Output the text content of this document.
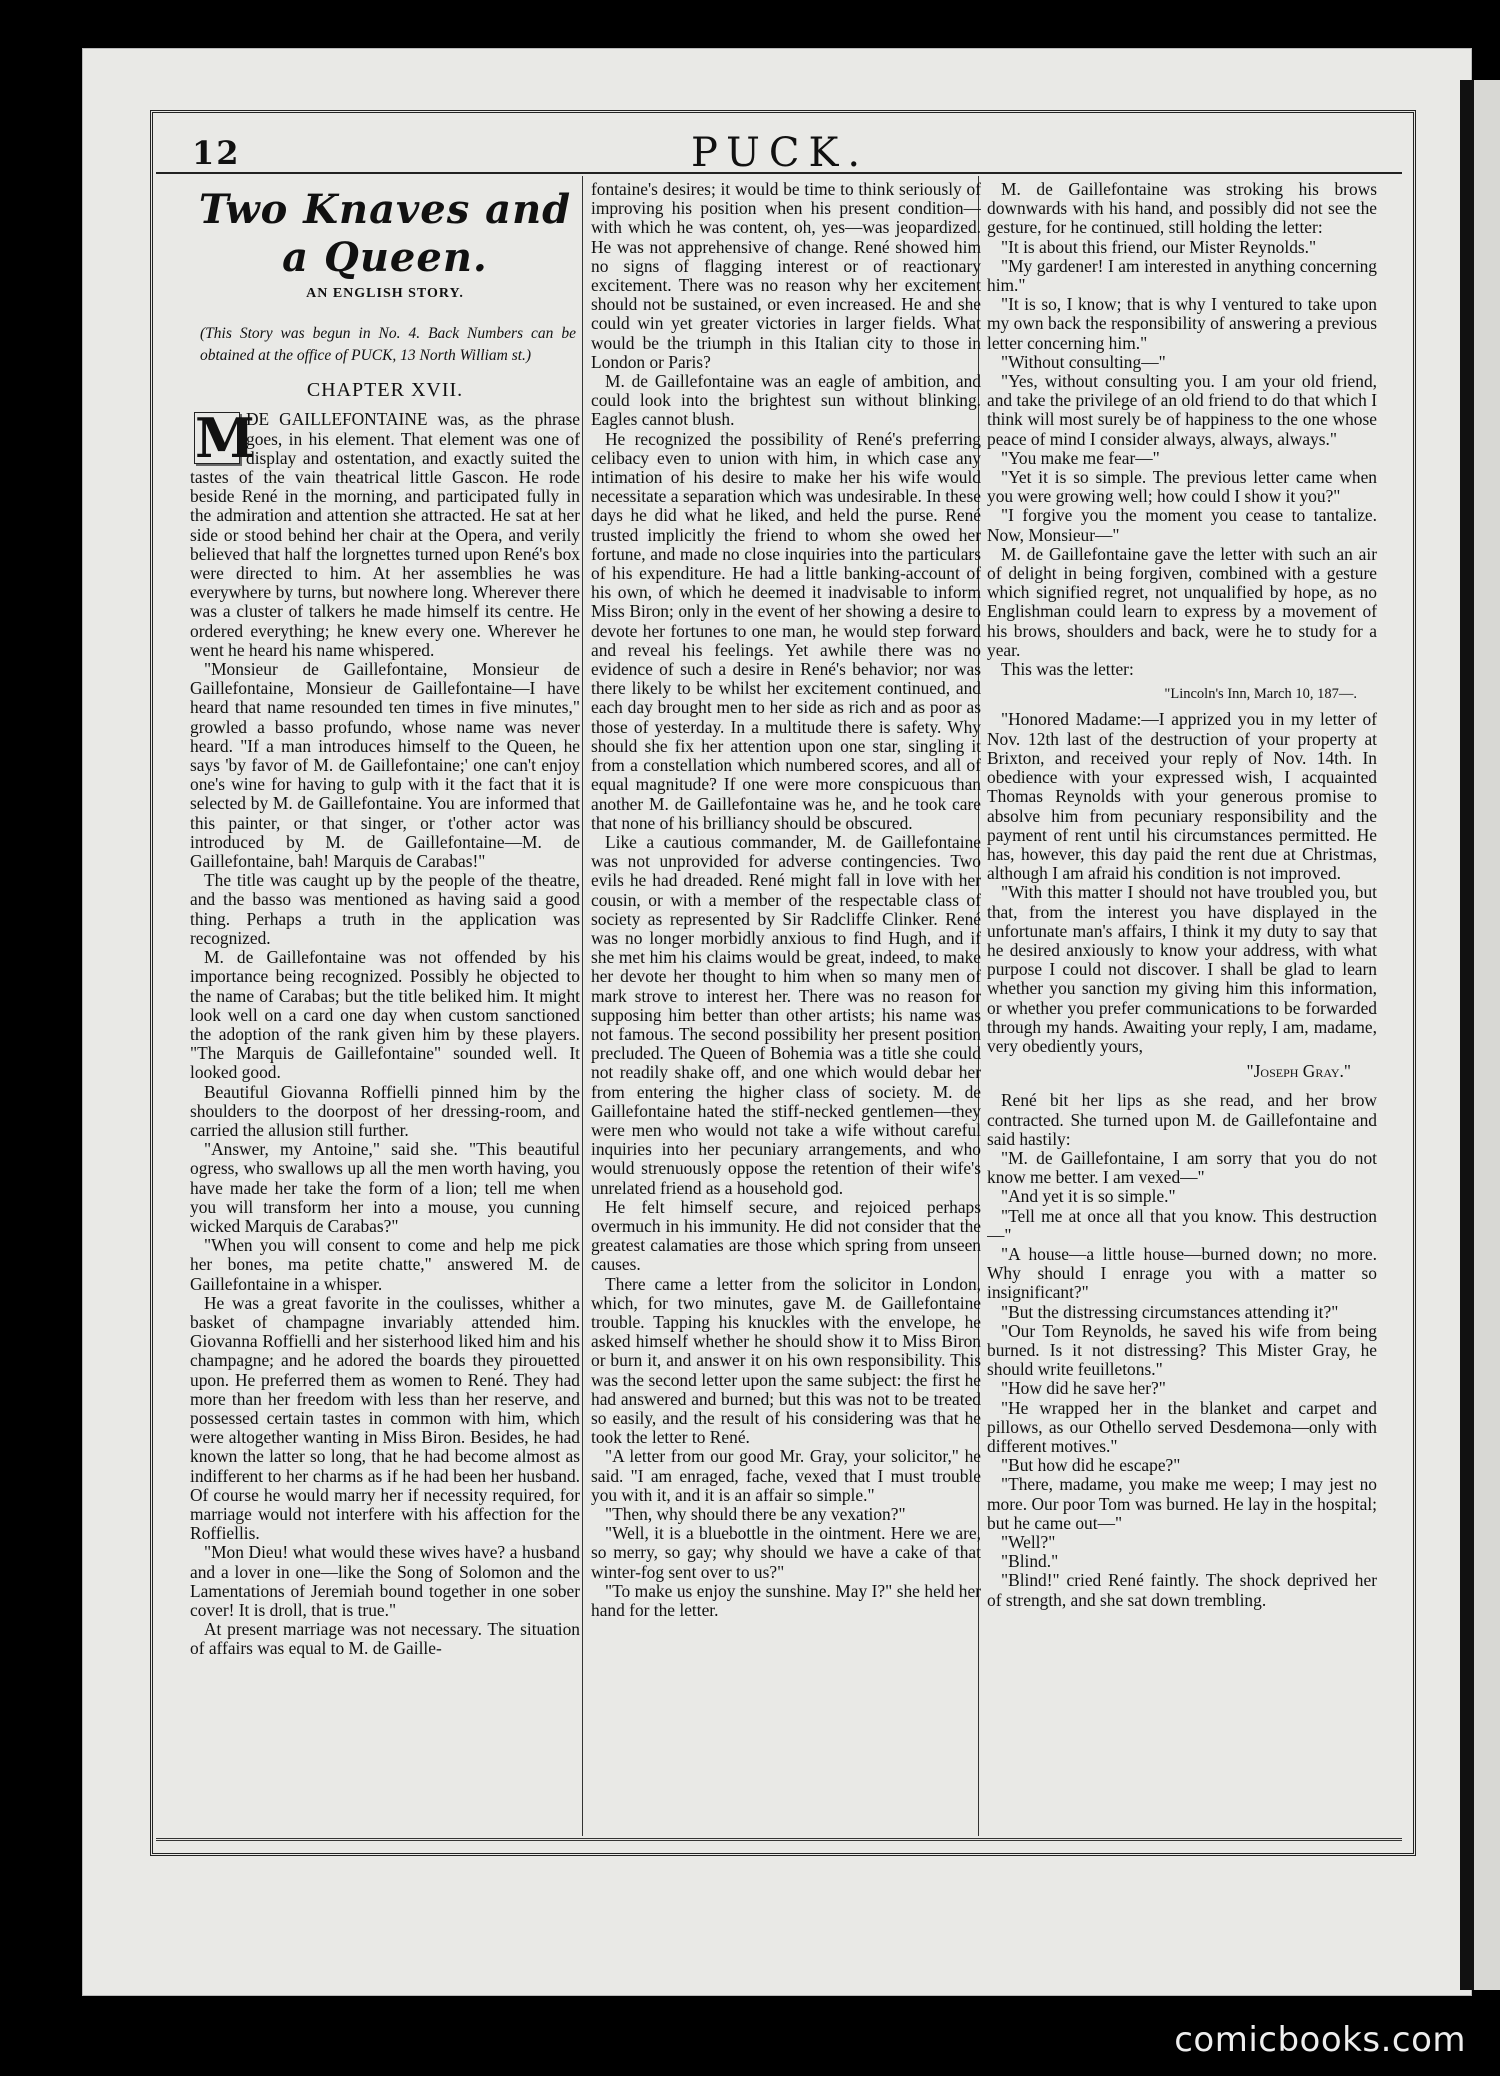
12	PUCK.
Two Knaves and a Queen.
AN ENGLISH STORY.
(This Story was begun in No. 4. Back Numbers can be obtained at the office of PUCK, 13 North William st.)
CHAPTER XVII.

M
DE GAILLEFONTAINE was, as the phrase goes, in his element. That element was one of display and ostentation, and exactly suited the tastes of the vain theatrical little Gascon. He rode beside René in the morning, and participated fully in the admiration and attention she attracted. He sat at her side or stood behind her chair at the Opera, and verily believed that half the lorgnettes turned upon René's box were directed to him. At her assemblies he was everywhere by turns, but nowhere long. Wherever there was a cluster of talkers he made himself its centre. He ordered everything; he knew every one. Wherever he went he heard his name whispered.

"Monsieur de Gaillefontaine, Monsieur de Gaillefontaine, Monsieur de Gaillefontaine—I have heard that name resounded ten times in five minutes," growled a basso profundo, whose name was never heard. "If a man introduces himself to the Queen, he says 'by favor of M. de Gaillefontaine;' one can't enjoy one's wine for having to gulp with it the fact that it is selected by M. de Gaillefontaine. You are informed that this painter, or that singer, or t'other actor was introduced by M. de Gaillefontaine—M. de Gaillefontaine, bah! Marquis de Carabas!"

The title was caught up by the people of the theatre, and the basso was mentioned as having said a good thing. Perhaps a truth in the application was recognized.

M. de Gaillefontaine was not offended by his importance being recognized. Possibly he objected to the name of Carabas; but the title beliked him. It might look well on a card one day when custom sanctioned the adoption of the rank given him by these players. "The Marquis de Gaillefontaine" sounded well. It looked good.

Beautiful Giovanna Roffielli pinned him by the shoulders to the doorpost of her dressing-room, and carried the allusion still further.

"Answer, my Antoine," said she. "This beautiful ogress, who swallows up all the men worth having, you have made her take the form of a lion; tell me when you will transform her into a mouse, you cunning wicked Marquis de Carabas?"

"When you will consent to come and help me pick her bones, ma petite chatte," answered M. de Gaillefontaine in a whisper.

He was a great favorite in the coulisses, whither a basket of champagne invariably attended him. Giovanna Roffielli and her sisterhood liked him and his champagne; and he adored the boards they pirouetted upon. He preferred them as women to René. They had more than her freedom with less than her reserve, and possessed certain tastes in common with him, which were altogether wanting in Miss Biron. Besides, he had known the latter so long, that he had become almost as indifferent to her charms as if he had been her husband. Of course he would marry her if necessity required, for marriage would not interfere with his affection for the Roffiellis.

"Mon Dieu! what would these wives have? a husband and a lover in one—like the Song of Solomon and the Lamentations of Jeremiah bound together in one sober cover! It is droll, that is true."

At present marriage was not necessary. The situation of affairs was equal to M. de Gaille-

fontaine's desires; it would be time to think seriously of improving his position when his present condition—with which he was content, oh, yes—was jeopardized. He was not apprehensive of change. René showed him no signs of flagging interest or of reactionary excitement. There was no reason why her excitement should not be sustained, or even increased. He and she could win yet greater victories in larger fields. What would be the triumph in this Italian city to those in London or Paris?

M. de Gaillefontaine was an eagle of ambition, and could look into the brightest sun without blinking. Eagles cannot blush.

He recognized the possibility of René's preferring celibacy even to union with him, in which case any intimation of his desire to make her his wife would necessitate a separation which was undesirable. In these days he did what he liked, and held the purse. René trusted implicitly the friend to whom she owed her fortune, and made no close inquiries into the particulars of his expenditure. He had a little banking-account of his own, of which he deemed it inadvisable to inform Miss Biron; only in the event of her showing a desire to devote her fortunes to one man, he would step forward and reveal his feelings. Yet awhile there was no evidence of such a desire in René's behavior; nor was there likely to be whilst her excitement continued, and each day brought men to her side as rich and as poor as those of yesterday. In a multitude there is safety. Why should she fix her attention upon one star, singling it from a constellation which numbered scores, and all of equal magnitude? If one were more conspicuous than another M. de Gaillefontaine was he, and he took care that none of his brilliancy should be obscured.

Like a cautious commander, M. de Gaillefontaine was not unprovided for adverse contingencies. Two evils he had dreaded. René might fall in love with her cousin, or with a member of the respectable class of society as represented by Sir Radcliffe Clinker. René was no longer morbidly anxious to find Hugh, and if she met him his claims would be great, indeed, to make her devote her thought to him when so many men of mark strove to interest her. There was no reason for supposing him better than other artists; his name was not famous. The second possibility her present position precluded. The Queen of Bohemia was a title she could not readily shake off, and one which would debar her from entering the higher class of society. M. de Gaillefontaine hated the stiff-necked gentlemen—they were men who would not take a wife without careful inquiries into her pecuniary arrangements, and who would strenuously oppose the retention of their wife's unrelated friend as a household god.

He felt himself secure, and rejoiced perhaps overmuch in his immunity. He did not consider that the greatest calamaties are those which spring from unseen causes.

There came a letter from the solicitor in London, which, for two minutes, gave M. de Gaillefontaine trouble. Tapping his knuckles with the envelope, he asked himself whether he should show it to Miss Biron or burn it, and answer it on his own responsibility. This was the second letter upon the same subject: the first he had answered and burned; but this was not to be treated so easily, and the result of his considering was that he took the letter to René.

"A letter from our good Mr. Gray, your solicitor," he said. "I am enraged, fache, vexed that I must trouble you with it, and it is an affair so simple."

"Then, why should there be any vexation?"

"Well, it is a bluebottle in the ointment. Here we are, so merry, so gay; why should we have a cake of that winter-fog sent over to us?"

"To make us enjoy the sunshine. May I?" she held her hand for the letter.

M. de Gaillefontaine was stroking his brows downwards with his hand, and possibly did not see the gesture, for he continued, still holding the letter:

"It is about this friend, our Mister Reynolds."

"My gardener! I am interested in anything concerning him."

"It is so, I know; that is why I ventured to take upon my own back the responsibility of answering a previous letter concerning him."

"Without consulting—"

"Yes, without consulting you. I am your old friend, and take the privilege of an old friend to do that which I think will most surely be of happiness to the one whose peace of mind I consider always, always, always."

"You make me fear—"

"Yet it is so simple. The previous letter came when you were growing well; how could I show it you?"

"I forgive you the moment you cease to tantalize. Now, Monsieur—"

M. de Gaillefontaine gave the letter with such an air of delight in being forgiven, combined with a gesture which signified regret, not unqualified by hope, as no Englishman could learn to express by a movement of his brows, shoulders and back, were he to study for a year.

This was the letter:

"Lincoln's Inn, March 10, 187—.

"Honored Madame:—I apprized you in my letter of Nov. 12th last of the destruction of your property at Brixton, and received your reply of Nov. 14th. In obedience with your expressed wish, I acquainted Thomas Reynolds with your generous promise to absolve him from pecuniary responsibility and the payment of rent until his circumstances permitted. He has, however, this day paid the rent due at Christmas, although I am afraid his condition is not improved.

"With this matter I should not have troubled you, but that, from the interest you have displayed in the unfortunate man's affairs, I think it my duty to say that he desired anxiously to know your address, with what purpose I could not discover. I shall be glad to learn whether you sanction my giving him this information, or whether you prefer communications to be forwarded through my hands. Awaiting your reply, I am, madame, very obediently yours,

"Joseph Gray."

René bit her lips as she read, and her brow contracted. She turned upon M. de Gaillefontaine and said hastily:

"M. de Gaillefontaine, I am sorry that you do not know me better. I am vexed—"

"And yet it is so simple."

"Tell me at once all that you know. This destruction—"

"A house—a little house—burned down; no more. Why should I enrage you with a matter so insignificant?"

"But the distressing circumstances attending it?"

"Our Tom Reynolds, he saved his wife from being burned. Is it not distressing? This Mister Gray, he should write feuilletons."

"How did he save her?"

"He wrapped her in the blanket and carpet and pillows, as our Othello served Desdemona—only with different motives."

"But how did he escape?"

"There, madame, you make me weep; I may jest no more. Our poor Tom was burned. He lay in the hospital; but he came out—"

"Well?"

"Blind."

"Blind!" cried René faintly. The shock deprived her of strength, and she sat down trembling.

comicbooks.com
